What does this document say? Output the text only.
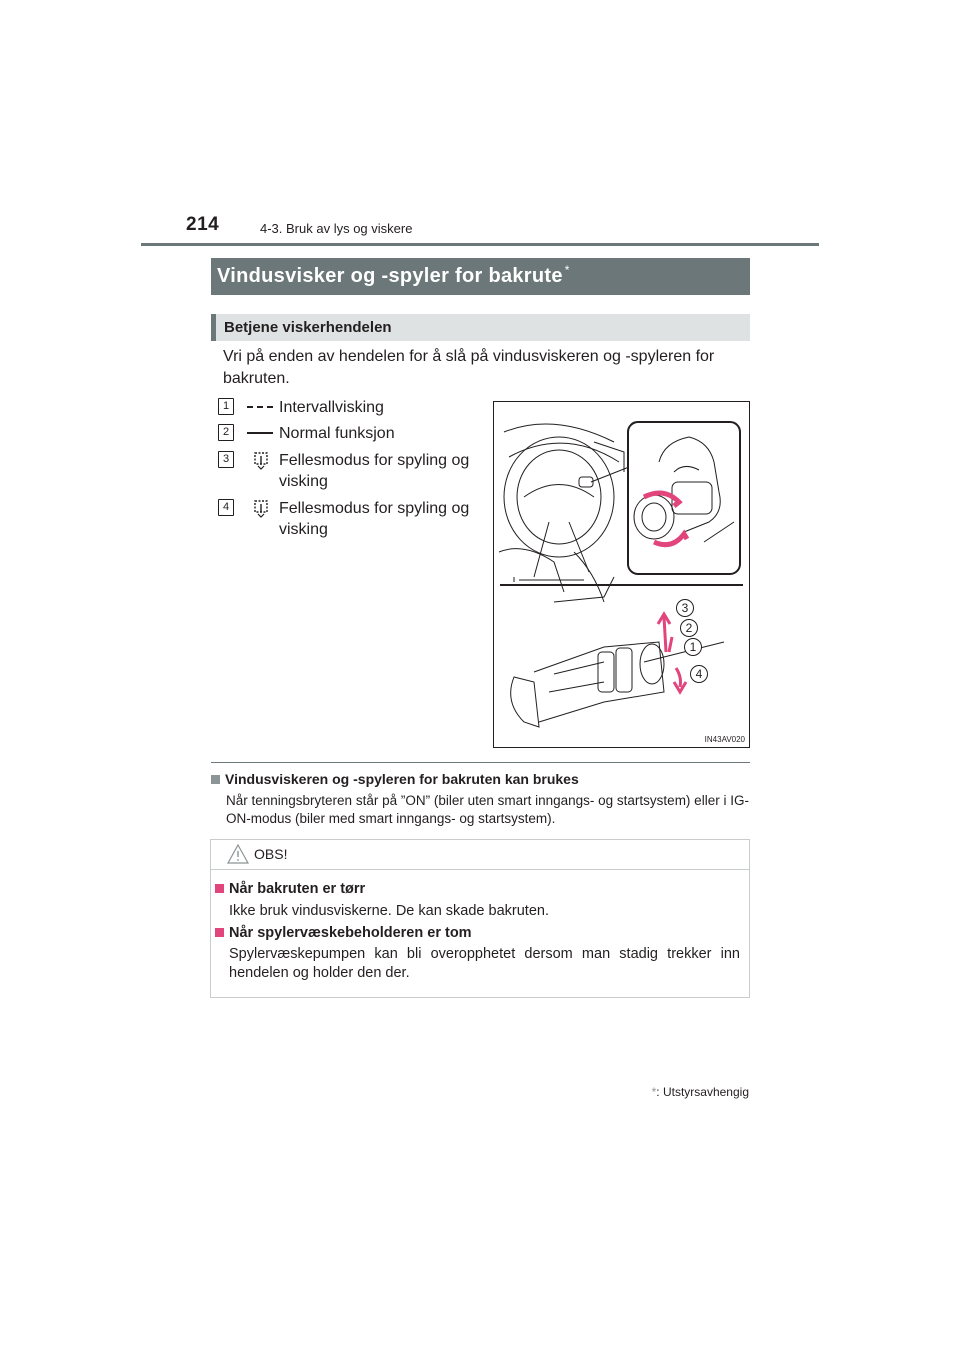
214	4-3. Bruk av lys og viskere
Vindusvisker og -spyler for bakrute *
Betjene viskerhendelen
Vri på enden av hendelen for å slå på vindusviskeren og -spyleren for bakruten.
1	Intervallvisking
2	Normal funksjon
3	Fellesmodus for spyling og visking
4	Fellesmodus for spyling og visking
3
2
1
4
IN43AV020
Vindusviskeren og -spyleren for bakruten kan brukes
Når tenningsbryteren står på ”ON” (biler uten smart inngangs- og startsystem) eller i IG-ON-modus (biler med smart inngangs- og startsystem).
OBS!
Når bakruten er tørr
Ikke bruk vindusviskerne. De kan skade bakruten.
Når spylervæskebeholderen er tom
Spylervæskepumpen kan bli overopphetet dersom man stadig trekker inn hendelen og holder den der.
*: Utstyrsavhengig
